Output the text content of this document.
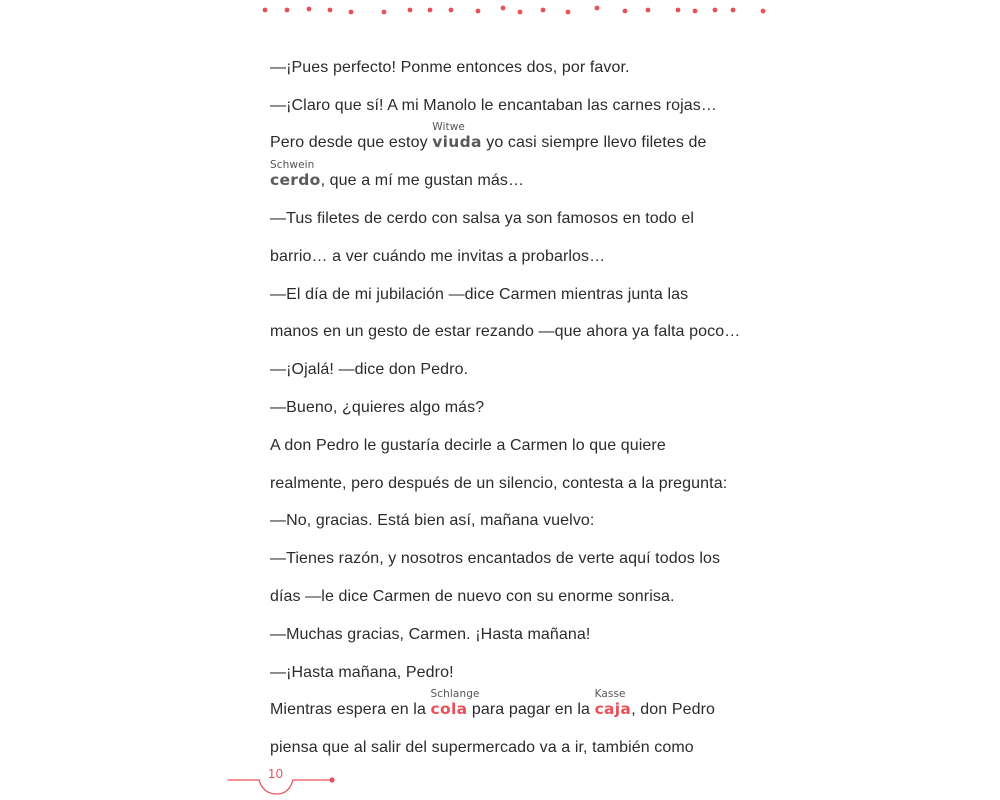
—¡Pues perfecto! Ponme entonces dos, por favor.
—¡Claro que sí! A mi Manolo le encantaban las carnes rojas…
Pero desde que estoy
Witwe
viuda yo casi siempre llevo filetes de
Schwein
cerdo, que a mí me gustan más…
—Tus filetes de cerdo con salsa ya son famosos en todo el
barrio… a ver cuándo me invitas a probarlos…
—El día de mi jubilación —dice Carmen mientras junta las
manos en un gesto de estar rezando —que ahora ya falta poco…
—¡Ojalá! —dice don Pedro.
—Bueno, ¿quieres algo más?
A don Pedro le gustaría decirle a Carmen lo que quiere
realmente, pero después de un silencio, contesta a la pregunta:
—No, gracias. Está bien así, mañana vuelvo:
—Tienes razón, y nosotros encantados de verte aquí todos los
días —le dice Carmen de nuevo con su enorme sonrisa.
—Muchas gracias, Carmen. ¡Hasta mañana!
—¡Hasta mañana, Pedro!
Mientras espera en la
Schlange
cola para pagar en la
Kasse
caja, don Pedro
piensa que al salir del supermercado va a ir, también como
10
